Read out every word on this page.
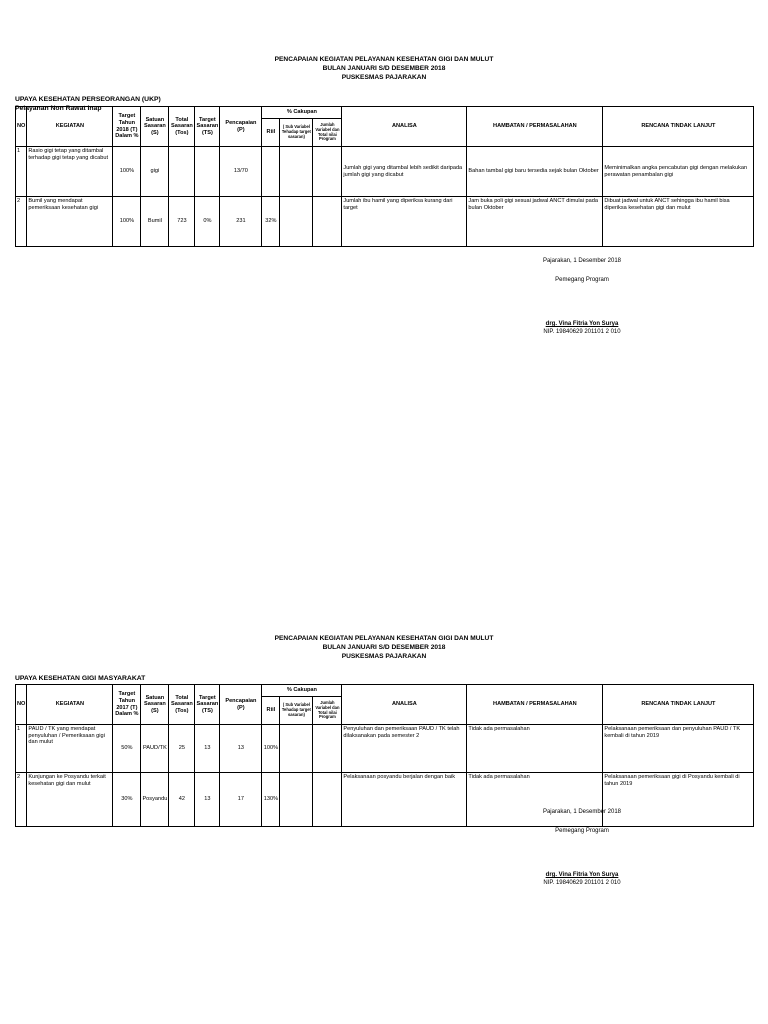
PENCAPAIAN KEGIATAN PELAYANAN KESEHATAN GIGI DAN MULUT
BULAN JANUARI S/D DESEMBER 2018
PUSKESMAS PAJARAKAN
UPAYA KESEHATAN PERSEORANGAN (UKP)
Pelayanan Non Rawat Inap
NO	KEGIATAN	Target Tahun 2018 (T) Dalam %	Satuan Sasaran (S)	Total Sasaran (Tos)	Target Sasaran (TS)	Pencapaian (P)	% Cakupan			ANALISA	HAMBATAN / PERMASALAHAN	RENCANA TINDAK LANJUT
							Riil	( Sub Variabel Tehadap target sasaran)	Jumlah Variabel dan Total nilai Program			
1	Rasio gigi tetap yang ditambal terhadap gigi tetap yang dicabut	100%	gigi			13/70				Jumlah gigi yang ditambal lebih sedikit daripada jumlah gigi yang dicabut	Bahan tambal gigi baru tersedia sejak bulan Oktober	Meminimalkan angka pencabutan gigi dengan melakukan perawatan penambalan gigi
2	Bumil yang mendapat pemeriksaan kesehatan gigi	100%	Bumil	723	0%	231	32%			Jumlah ibu hamil yang diperiksa kurang dari target	Jam buka poli gigi sesuai jadwal ANCT dimulai pada bulan Oktober	Dibuat jadwal untuk ANCT sehingga ibu hamil bisa diperiksa kesehatan gigi dan mulut
Pajarakan, 1 Desember 2018
Pemegang Program
drg. Vina Fitria Yon Surya
NIP. 19840629 201101 2 010
PENCAPAIAN KEGIATAN PELAYANAN KESEHATAN GIGI DAN MULUT
BULAN JANUARI S/D DESEMBER 2018
PUSKESMAS PAJARAKAN
UPAYA KESEHATAN GIGI MASYARAKAT
NO	KEGIATAN	Target Tahun 2017 (T) Dalam %	Satuan Sasaran (S)	Total Sasaran (Tos)	Target Sasaran (TS)	Pencapaian (P)	% Cakupan			ANALISA	HAMBATAN / PERMASALAHAN	RENCANA TINDAK LANJUT
							Riil	( Sub Variabel Tehadap target sasaran)	Jumlah Variabel dan Total nilai Program			
1	PAUD / TK yang mendapat penyuluhan / Pemeriksaan gigi dan mulut	50%	PAUD/TK	25	13	13	100%			Penyuluhan dan pemeriksaan PAUD / TK telah dilaksanakan pada semester 2	Tidak ada permasalahan	Pelaksanaan pemeriksaan dan penyuluhan PAUD / TK kembali di tahun 2019
2	Kunjungan ke Posyandu terkait kesehatan gigi dan mulut	30%	Posyandu	42	13	17	130%			Pelaksanaan posyandu berjalan dengan baik	Tidak ada permasalahan	Pelaksanaan pemeriksaan gigi di Posyandu kembali di tahun 2019
Pajarakan, 1 Desember 2018
Pemegang Program
drg. Vina Fitria Yon Surya
NIP. 19840629 201101 2 010
